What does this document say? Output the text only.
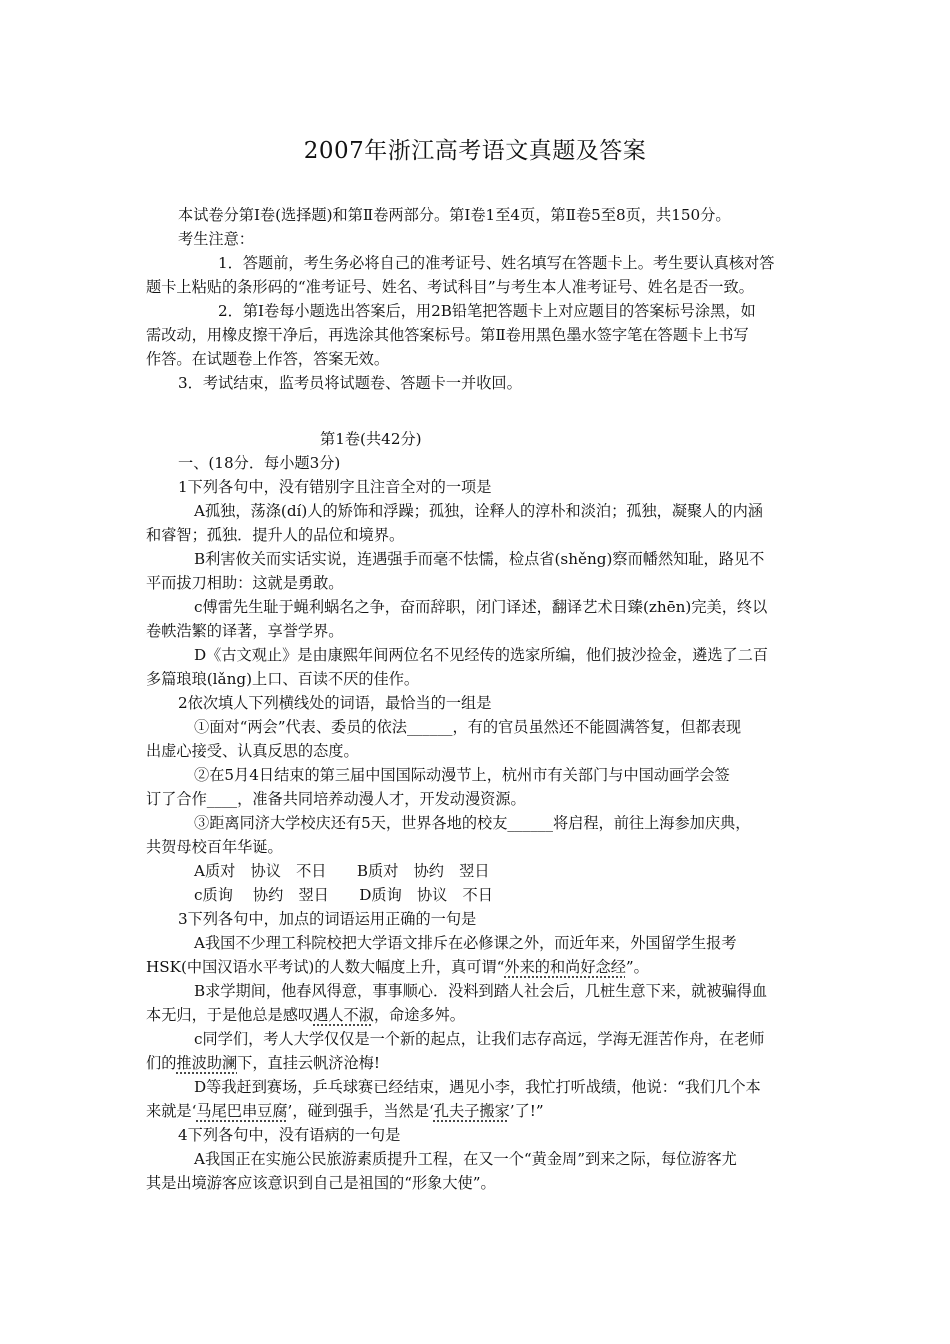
2007年浙江高考语文真题及答案
本试卷分第Ⅰ卷(选择题)和第Ⅱ卷两部分。第Ⅰ卷1至4页，第Ⅱ卷5至8页，共150分。
考生注意：
1．答题前，考生务必将自己的准考证号、姓名填写在答题卡上。考生要认真核对答
题卡上粘贴的条形码的“准考证号、姓名、考试科目”与考生本人准考证号、姓名是否一致。
2．第Ⅰ卷每小题选出答案后，用2B铅笔把答题卡上对应题目的答案标号涂黑，如
需改动，用橡皮擦干净后，再选涂其他答案标号。第Ⅱ卷用黑色墨水签字笔在答题卡上书写
作答。在试题卷上作答，答案无效。
3．考试结束，监考员将试题卷、答题卡一并收回。
第1卷(共42分)
一、(18分．每小题3分)
1下列各句中，没有错别字且注音全对的一项是
A孤独，荡涤(dí)人的矫饰和浮躁；孤独，诠释人的淳朴和淡泊；孤独，凝聚人的内涵
和睿智；孤独．提升人的品位和境界。
B利害攸关而实话实说，连遇强手而毫不怯懦，检点省(shěng)察而幡然知耻，路见不
平而拔刀相助：这就是勇敢。
c傅雷先生耻于蝇利蜗名之争，奋而辞职，闭门译述，翻译艺术日臻(zhēn)完美，终以
卷帙浩繁的译著，享誉学界。
D《古文观止》是由康熙年间两位名不见经传的选家所编，他们披沙捡金，遴选了二百
多篇琅琅(lǎng)上口、百读不厌的佳作。
2依次填人下列横线处的词语，最恰当的一组是
①面对“两会”代表、委员的依法______，有的官员虽然还不能圆满答复，但都表现
出虚心接受、认真反思的态度。
②在5月4日结束的第三届中国国际动漫节上，杭州市有关部门与中国动画学会签
订了合作____，准备共同培养动漫人才，开发动漫资源。
③距离同济大学校庆还有5天，世界各地的校友______将启程，前往上海参加庆典，
共贺母校百年华诞。
A质对　协议　不日　　B质对　协约　翌日
c质询　 协约　翌日　　D质询　协议　不日
3下列各句中，加点的词语运用正确的一句是
A我国不少理工科院校把大学语文排斥在必修课之外，而近年来，外国留学生报考
HSK(中国汉语水平考试)的人数大幅度上升，真可谓“外来的和尚好念经”。
B求学期间，他春风得意，事事顺心．没料到踏人社会后，几桩生意下来，就被骗得血
本无归，于是他总是感叹遇人不淑，命途多舛。
c同学们，考人大学仅仅是一个新的起点，让我们志存高远，学海无涯苦作舟，在老师
们的推波助澜下，直挂云帆济沧梅!
D等我赶到赛场，乒乓球赛已经结束，遇见小李，我忙打听战绩，他说：“我们几个本
来就是‘马尾巴串豆腐’，碰到强手，当然是‘孔夫子搬家’了!”
4下列各句中，没有语病的一句是
A我国正在实施公民旅游素质提升工程，在又一个“黄金周”到来之际，每位游客尤
其是出境游客应该意识到自己是祖国的“形象大使”。
